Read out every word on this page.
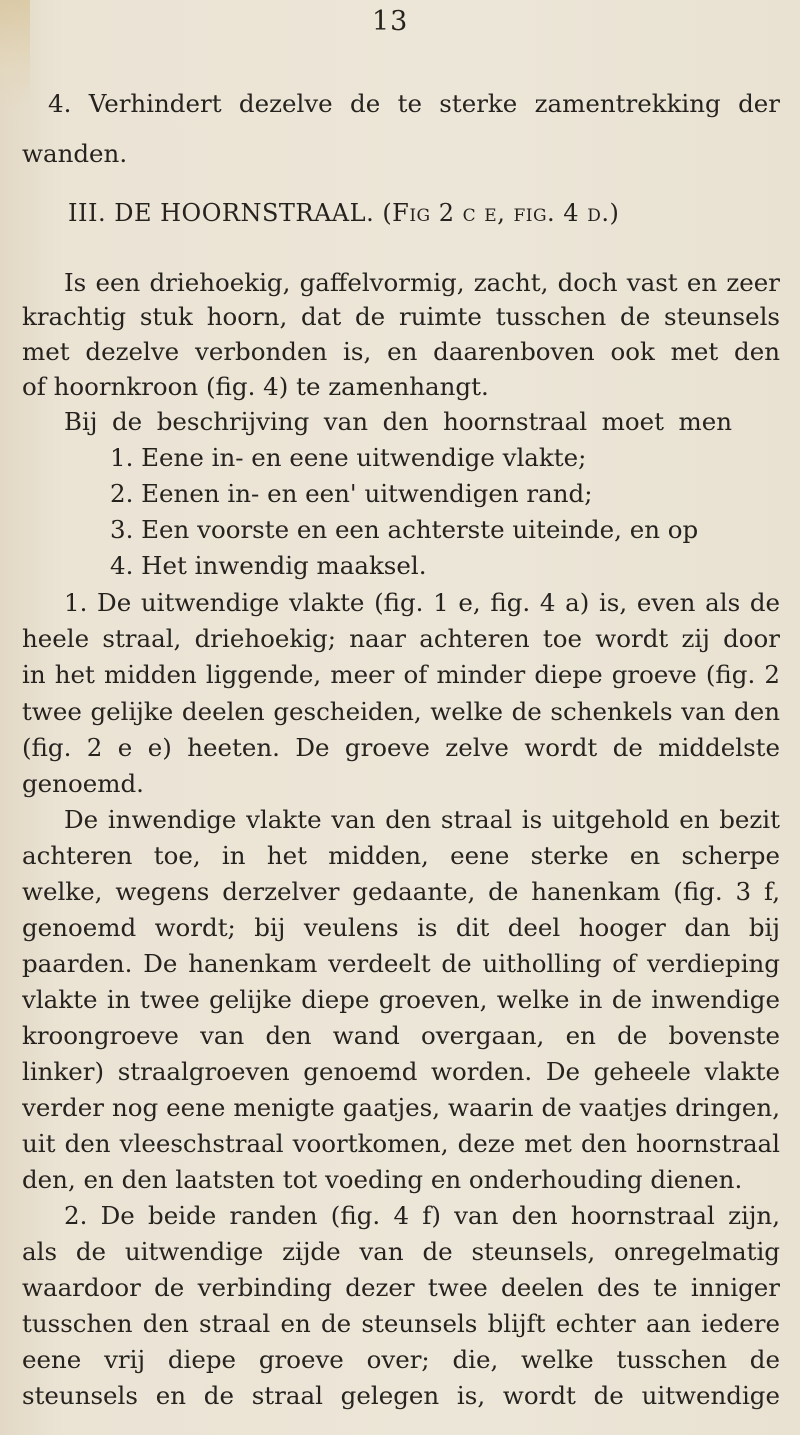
13
4. Verhindert dezelve de te sterke zamentrekking der
wanden.
III. DE HOORNSTRAAL. (Fig 2 c e, fig. 4 d.)
Is een driehoekig, gaffelvormig, zacht, doch vast en zeer
krachtig stuk hoorn, dat de ruimte tusschen de steunsels
met dezelve verbonden is, en daarenboven ook met den
of hoornkroon (fig. 4) te zamenhangt.
Bij de beschrijving van den hoornstraal moet men
1. Eene in- en eene uitwendige vlakte;
2. Eenen in- en een' uitwendigen rand;
3. Een voorste en een achterste uiteinde, en op
4. Het inwendig maaksel.
1. De uitwendige vlakte (fig. 1 e, fig. 4 a) is, even als de
heele straal, driehoekig; naar achteren toe wordt zij door
in het midden liggende, meer of minder diepe groeve (fig. 2
twee gelijke deelen gescheiden, welke de schenkels van den
(fig. 2 e e) heeten. De groeve zelve wordt de middelste
genoemd.
De inwendige vlakte van den straal is uitgehold en bezit
achteren toe, in het midden, eene sterke en scherpe
welke, wegens derzelver gedaante, de hanenkam (fig. 3 f,
genoemd wordt; bij veulens is dit deel hooger dan bij
paarden. De hanenkam verdeelt de uitholling of verdieping
vlakte in twee gelijke diepe groeven, welke in de inwendige
kroongroeve van den wand overgaan, en de bovenste
linker) straalgroeven genoemd worden. De geheele vlakte
verder nog eene menigte gaatjes, waarin de vaatjes dringen,
uit den vleeschstraal voortkomen, deze met den hoornstraal
den, en den laatsten tot voeding en onderhouding dienen.
2. De beide randen (fig. 4 f) van den hoornstraal zijn,
als de uitwendige zijde van de steunsels, onregelmatig
waardoor de verbinding dezer twee deelen des te inniger
tusschen den straal en de steunsels blijft echter aan iedere
eene vrij diepe groeve over; die, welke tusschen de
steunsels en de straal gelegen is, wordt de uitwendige
